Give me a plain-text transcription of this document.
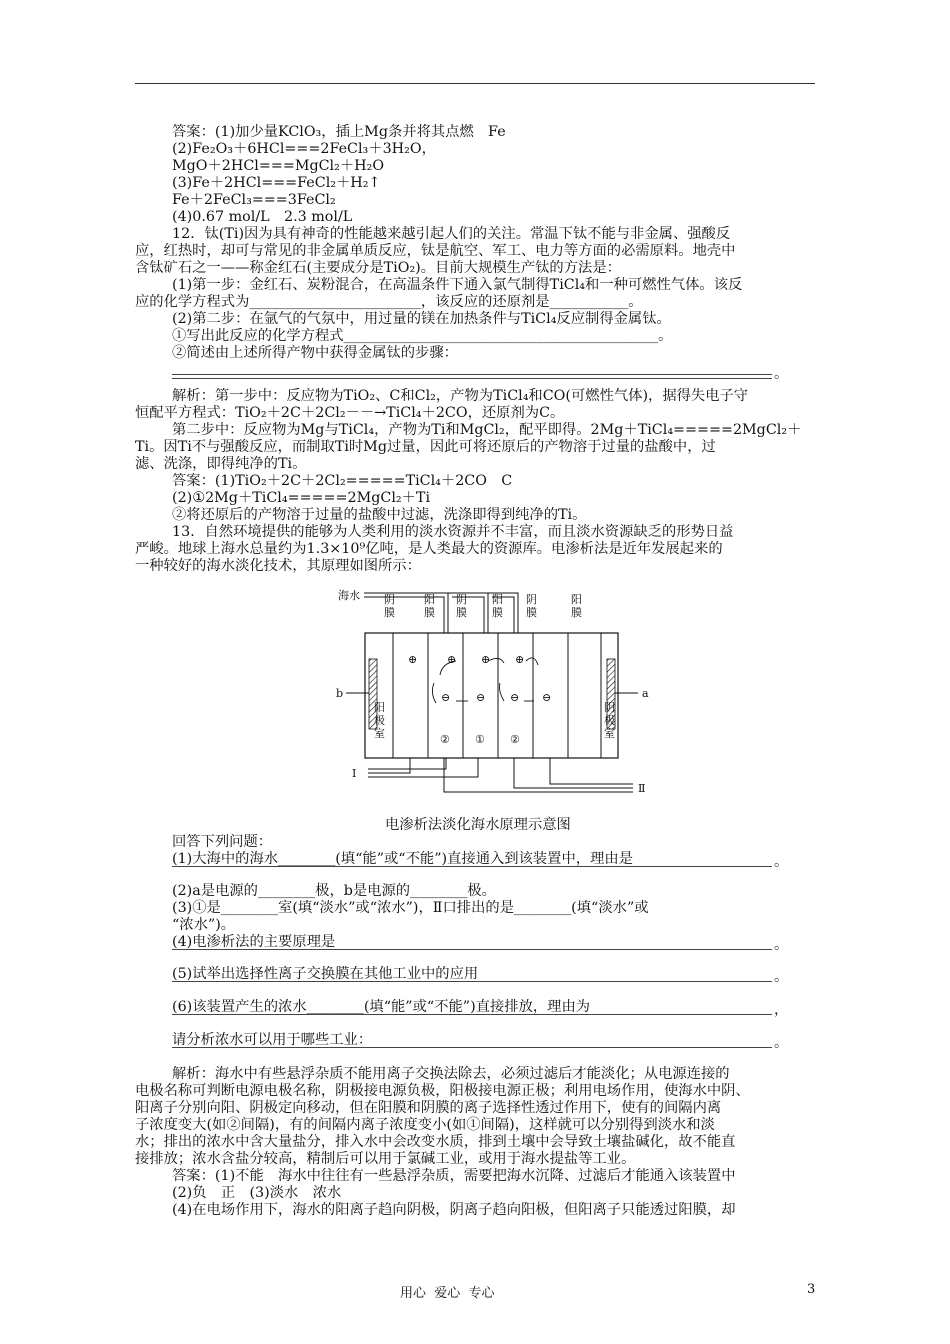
答案：(1)加少量KClO₃，插上Mg条并将其点燃　Fe
(2)Fe₂O₃＋6HCl===2FeCl₃＋3H₂O，
MgO＋2HCl===MgCl₂＋H₂O
(3)Fe＋2HCl===FeCl₂＋H₂↑
Fe＋2FeCl₃===3FeCl₂
(4)0.67 mol/L　2.3 mol/L
12．钛(Ti)因为具有神奇的性能越来越引起人们的关注。常温下钛不能与非金属、强酸反
应，红热时，却可与常见的非金属单质反应，钛是航空、军工、电力等方面的必需原料。地壳中
含钛矿石之一——称金红石(主要成分是TiO₂)。目前大规模生产钛的方法是：
(1)第一步：金红石、炭粉混合，在高温条件下通入氯气制得TiCl₄和一种可燃性气体。该反
应的化学方程式为________________________，该反应的还原剂是___________。
(2)第二步：在氩气的气氛中，用过量的镁在加热条件与TiCl₄反应制得金属钛。
①写出此反应的化学方程式____________________________________________。
②简述由上述所得产物中获得金属钛的步骤：
解析：第一步中：反应物为TiO₂、C和Cl₂，产物为TiCl₄和CO(可燃性气体)，据得失电子守
恒配平方程式：TiO₂＋2C＋2Cl₂－－→TiCl₄＋2CO，还原剂为C。
第二步中：反应物为Mg与TiCl₄，产物为Ti和MgCl₂，配平即得。2Mg＋TiCl₄=====2MgCl₂＋
Ti。因Ti不与强酸反应，而制取Ti时Mg过量，因此可将还原后的产物溶于过量的盐酸中，过
滤、洗涤，即得纯净的Ti。
答案：(1)TiO₂＋2C＋2Cl₂=====TiCl₄＋2CO　C
(2)①2Mg＋TiCl₄=====2MgCl₂＋Ti
②将还原后的产物溶于过量的盐酸中过滤，洗涤即得到纯净的Ti。
13．自然环境提供的能够为人类利用的淡水资源并不丰富，而且淡水资源缺乏的形势日益
严峻。地球上海水总量约为1.3×10⁹亿吨，是人类最大的资源库。电渗析法是近年发展起来的
一种较好的海水淡化技术，其原理如图所示：
回答下列问题：
(1)大海中的海水________(填“能”或“不能”)直接通入到该装置中，理由是
(2)a是电源的________极，b是电源的________极。
(3)①是________室(填“淡水”或“浓水”)，Ⅱ口排出的是________(填“淡水”或
“浓水”)。
(4)电渗析法的主要原理是
(5)试举出选择性离子交换膜在其他工业中的应用
(6)该装置产生的浓水________(填“能”或“不能”)直接排放，理由为
请分析浓水可以用于哪些工业：
解析：海水中有些悬浮杂质不能用离子交换法除去，必须过滤后才能淡化；从电源连接的
电极名称可判断电源电极名称，阴极接电源负极，阳极接电源正极；利用电场作用，使海水中阴、
阳离子分别向阳、阴极定向移动，但在阳膜和阴膜的离子选择性透过作用下，使有的间隔内离
子浓度变大(如②间隔)，有的间隔内离子浓度变小(如①间隔)，这样就可以分别得到淡水和淡
水；排出的浓水中含大量盐分，排入水中会改变水质，排到土壤中会导致土壤盐碱化，故不能直
接排放；浓水含盐分较高，精制后可以用于氯碱工业，或用于海水提盐等工业。
答案：(1)不能　海水中往往有一些悬浮杂质，需要把海水沉降、过滤后才能通入该装置中
(2)负　正　(3)淡水　浓水
(4)在电场作用下，海水的阳离子趋向阴极，阴离子趋向阳极，但阳离子只能透过阳膜，却
。
。
。
。
，
。
b	a
海水 阴膜
阳膜
阴膜
阳膜
阴膜
阳膜
阳极室
阴极室
② ① ②
⊕	⊕ ⊕ ⊕
⊖ ⊖ ⊖ ⊖
Ⅰ
Ⅱ
电渗析法淡化海水原理示意图
用心  爱心  专心	3
